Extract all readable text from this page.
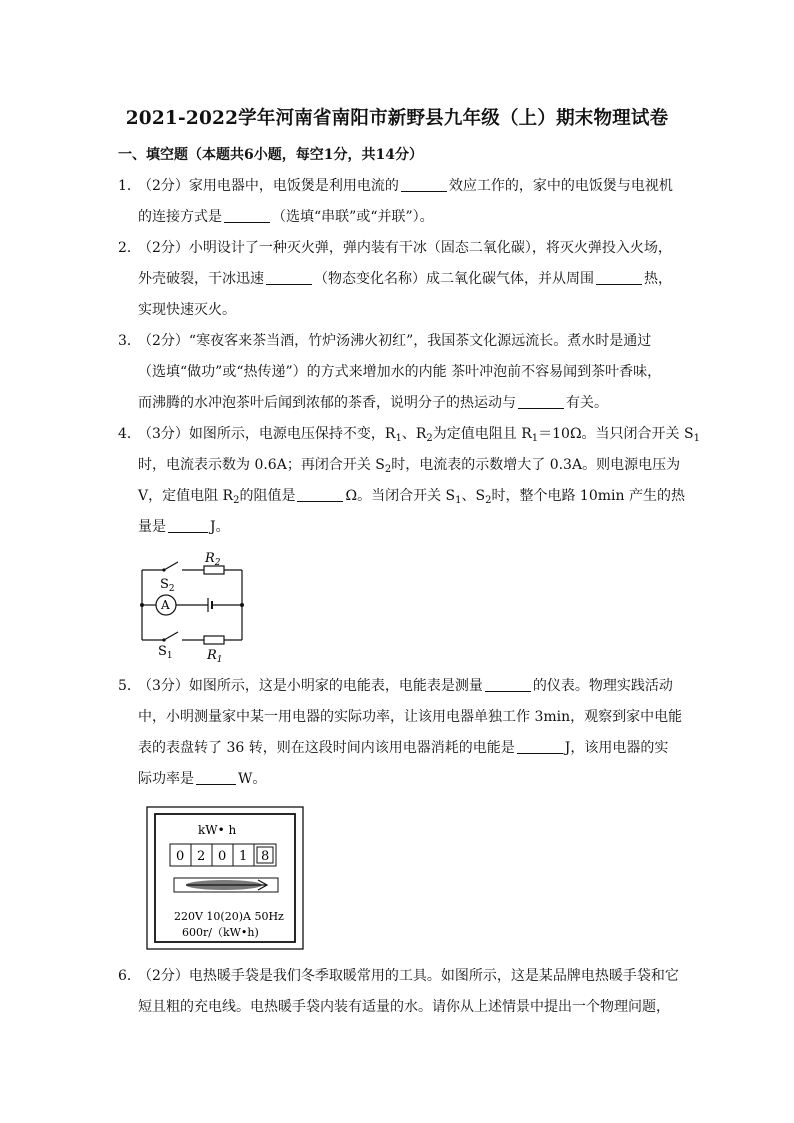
2021-2022学年河南省南阳市新野县九年级（上）期末物理试卷
一、填空题（本题共6小题，每空1分，共14分）
1．（2分）家用电器中，电饭煲是利用电流的	效应工作的，家中的电饭煲与电视机
的连接方式是	（选填“串联”或“并联”）。
2．（2分）小明设计了一种灭火弹，弹内装有干冰（固态二氧化碳），将灭火弹投入火场，
外壳破裂，干冰迅速	（物态变化名称）成二氧化碳气体，并从周围	热，
实现快速灭火。
3．（2分）“寒夜客来茶当酒，竹炉汤沸火初红”，我国茶文化源远流长。煮水时是通过
（选填“做功”或“热传递”）的方式来增加水的内能 茶叶冲泡前不容易闻到茶叶香味，
而沸腾的水冲泡茶叶后闻到浓郁的茶香，说明分子的热运动与	有关。
4．（3分）如图所示，电源电压保持不变，$R_1$、$R_2$为定值电阻且 $R_1=10\Omega$。当只闭合开关 $S_1$
时，电流表示数为 0.6A；再闭合开关 $S_2$时，电流表的示数增大了 0.3A。则电源电压为
V，定值电阻 $R_2$的阻值是	Ω。当闭合开关 $S_1$、$S_2$时，整个电路 10min 产生的热
量是	J。
$R_2$
$S_2$
A
$S_1$	$R_1$
5．（3分）如图所示，这是小明家的电能表，电能表是测量	的仪表。物理实践活动
中，小明测量家中某一用电器的实际功率，让该用电器单独工作 3min，观察到家中电能
表的表盘转了 36 转，则在这段时间内该用电器消耗的电能是	J，该用电器的实
际功率是	W。
kW• h
0 2 0 1 8
220V 10(20)A 50Hz
600r/（kW•h)
6．（2分）电热暖手袋是我们冬季取暖常用的工具。如图所示，这是某品牌电热暖手袋和它
短且粗的充电线。电热暖手袋内装有适量的水。请你从上述情景中提出一个物理问题，
